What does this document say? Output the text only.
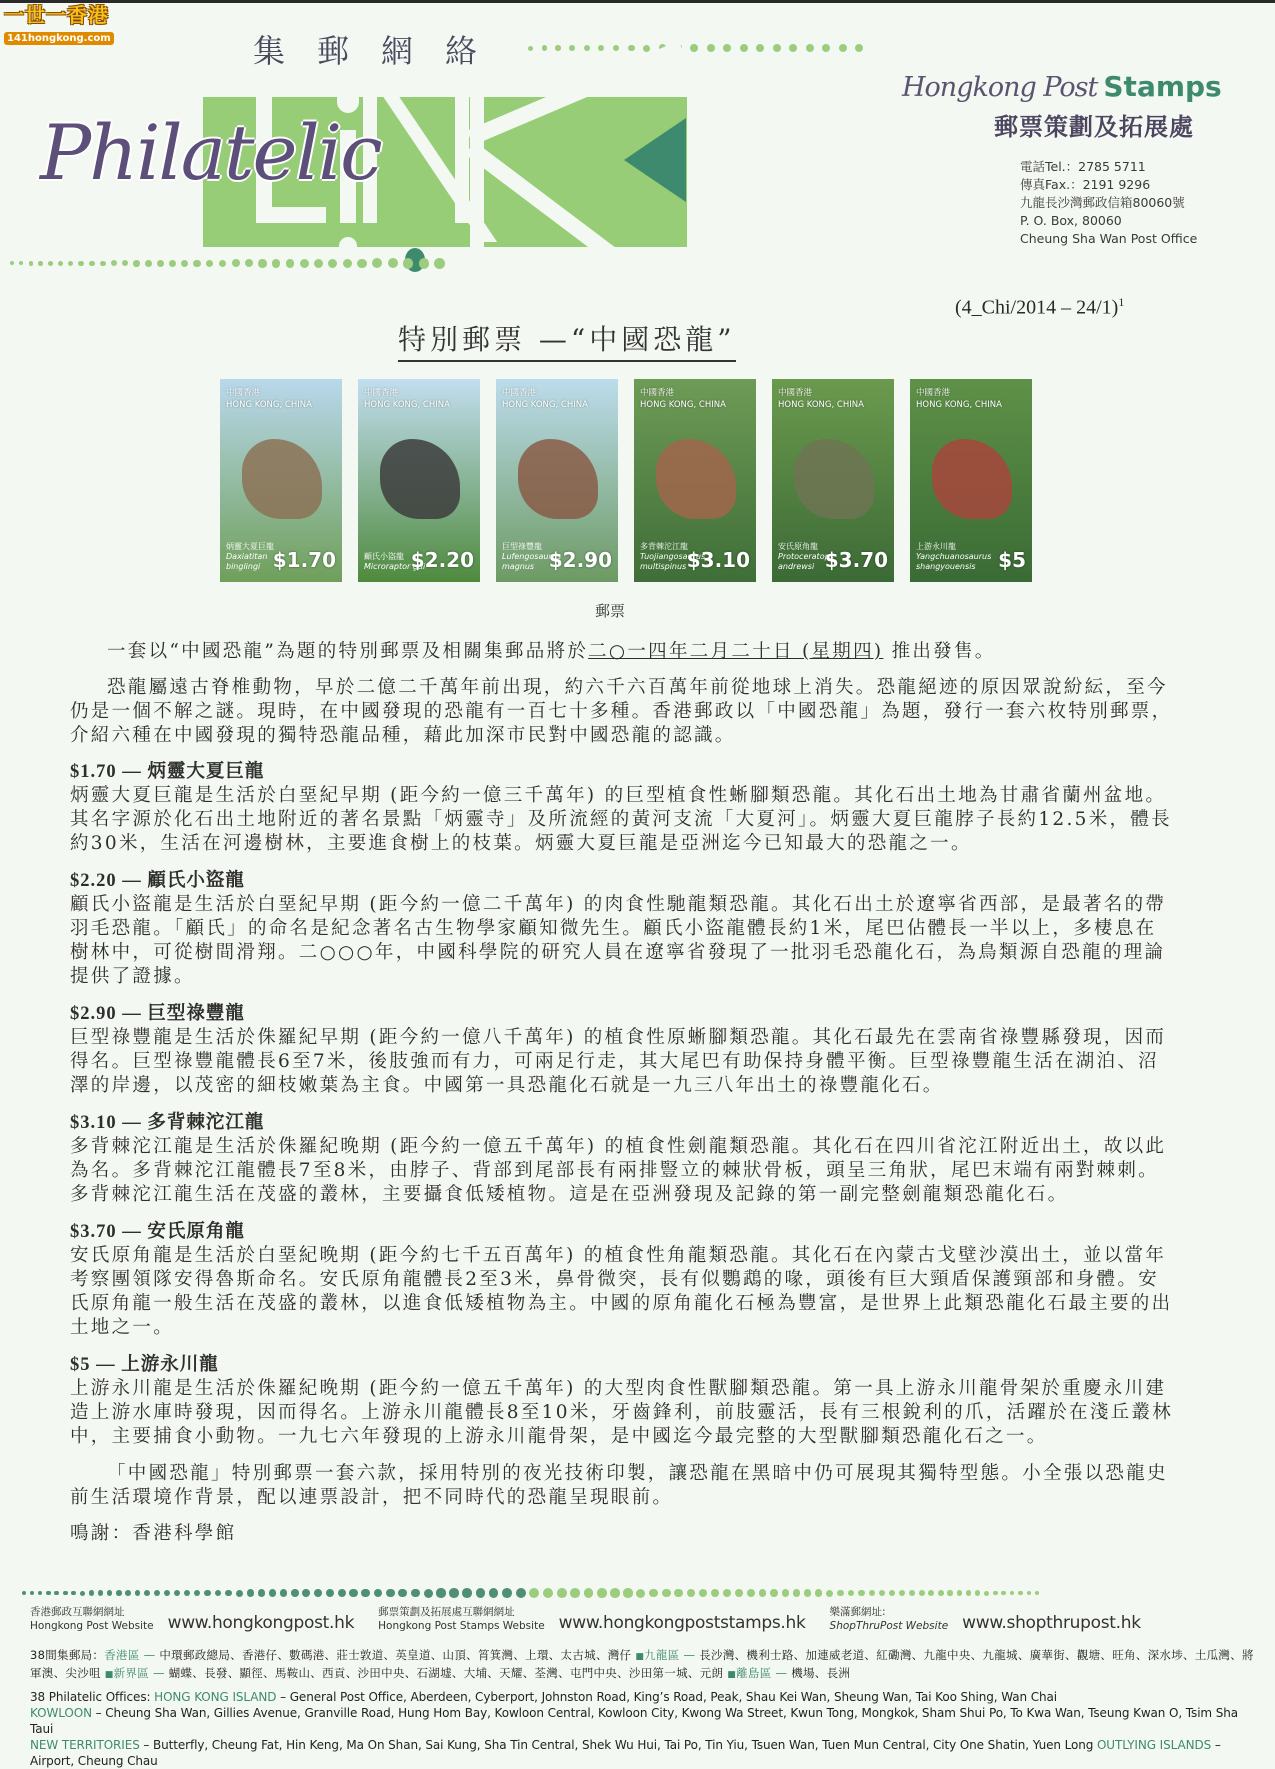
一世一香港
141hongkong.com	集郵網絡
Philatelic
Hongkong Post Stamps
郵票策劃及拓展處
電話Tel.：2785 5711
傳真Fax.：2191 9296
九龍長沙灣郵政信箱80060號
P. O. Box, 80060
Cheung Sha Wan Post Office
(4_Chi/2014 – 24/1)$^1$
特別郵票 —“中國恐龍”
中國香港
HONG KONG, CHINA
炳靈大夏巨龍
Daxiatitan binglingi $1.70
中國香港
HONG KONG, CHINA
顧氏小盜龍
Microraptor gui
$2.20
中國香港
HONG KONG, CHINA
巨型祿豐龍
Lufengosaurus magnus $2.90
中國香港
HONG KONG, CHINA
多背棘沱江龍
Tuojiangosaurus multispinus $3.10
中國香港
HONG KONG, CHINA
安氏原角龍
Protoceratops andrewsi $3.70
中國香港
HONG KONG, CHINA
上游永川龍
Yangchuanosaurus shangyouensis	$5
郵票

一套以“中國恐龍”為題的特別郵票及相關集郵品將於二○一四年二月二十日 (星期四) 推出發售。

恐龍屬遠古脊椎動物，早於二億二千萬年前出現，約六千六百萬年前從地球上消失。恐龍絕迹的原因眾說紛紜，至今仍是一個不解之謎。現時，在中國發現的恐龍有一百七十多種。香港郵政以「中國恐龍」為題，發行一套六枚特別郵票，介紹六種在中國發現的獨特恐龍品種，藉此加深市民對中國恐龍的認識。

$1.70 — 炳靈大夏巨龍
炳靈大夏巨龍是生活於白堊紀早期 (距今約一億三千萬年) 的巨型植食性蜥腳類恐龍。其化石出土地為甘肅省蘭州盆地。其名字源於化石出土地附近的著名景點「炳靈寺」及所流經的黃河支流「大夏河」。炳靈大夏巨龍脖子長約12.5米，體長約30米，生活在河邊樹林，主要進食樹上的枝葉。炳靈大夏巨龍是亞洲迄今已知最大的恐龍之一。
$2.20 — 顧氏小盜龍
顧氏小盜龍是生活於白堊紀早期 (距今約一億二千萬年) 的肉食性馳龍類恐龍。其化石出土於遼寧省西部，是最著名的帶羽毛恐龍。「顧氏」的命名是紀念著名古生物學家顧知微先生。顧氏小盜龍體長約1米，尾巴佔體長一半以上，多棲息在樹林中，可從樹間滑翔。二○○○年，中國科學院的研究人員在遼寧省發現了一批羽毛恐龍化石，為鳥類源自恐龍的理論提供了證據。
$2.90 — 巨型祿豐龍
巨型祿豐龍是生活於侏羅紀早期 (距今約一億八千萬年) 的植食性原蜥腳類恐龍。其化石最先在雲南省祿豐縣發現，因而得名。巨型祿豐龍體長6至7米，後肢強而有力，可兩足行走，其大尾巴有助保持身體平衡。巨型祿豐龍生活在湖泊、沼澤的岸邊，以茂密的細枝嫩葉為主食。中國第一具恐龍化石就是一九三八年出土的祿豐龍化石。
$3.10 — 多背棘沱江龍
多背棘沱江龍是生活於侏羅紀晚期 (距今約一億五千萬年) 的植食性劍龍類恐龍。其化石在四川省沱江附近出土，故以此為名。多背棘沱江龍體長7至8米，由脖子、背部到尾部長有兩排豎立的棘狀骨板，頭呈三角狀，尾巴末端有兩對棘刺。多背棘沱江龍生活在茂盛的叢林，主要攝食低矮植物。這是在亞洲發現及記錄的第一副完整劍龍類恐龍化石。
$3.70 — 安氏原角龍
安氏原角龍是生活於白堊紀晚期 (距今約七千五百萬年) 的植食性角龍類恐龍。其化石在內蒙古戈壁沙漠出土，並以當年考察團領隊安得魯斯命名。安氏原角龍體長2至3米，鼻骨微突，長有似鸚鵡的喙，頭後有巨大頸盾保護頸部和身體。安氏原角龍一般生活在茂盛的叢林，以進食低矮植物為主。中國的原角龍化石極為豐富，是世界上此類恐龍化石最主要的出土地之一。
$5 — 上游永川龍
上游永川龍是生活於侏羅紀晚期 (距今約一億五千萬年) 的大型肉食性獸腳類恐龍。第一具上游永川龍骨架於重慶永川建造上游水庫時發現，因而得名。上游永川龍體長8至10米，牙齒鋒利，前肢靈活，長有三根銳利的爪，活躍於在淺丘叢林中，主要捕食小動物。一九七六年發現的上游永川龍骨架，是中國迄今最完整的大型獸腳類恐龍化石之一。

「中國恐龍」特別郵票一套六款，採用特別的夜光技術印製，讓恐龍在黑暗中仍可展現其獨特型態。小全張以恐龍史前生活環境作背景，配以連票設計，把不同時代的恐龍呈現眼前。

鳴謝：香港科學館

香港郵政互聯網網址
Hongkong Post Website www.hongkongpost.hk
郵票策劃及拓展處互聯網網址
Hongkong Post Stamps Website www.hongkongpoststamps.hk
樂滿郵網址:
ShopThruPost Website www.shopthrupost.hk
38間集郵局：香港區 — 中環郵政總局、香港仔、數碼港、莊士敦道、英皇道、山頂、筲箕灣、上環、太古城、灣仔 ■九龍區 — 長沙灣、機利士路、加連威老道、紅磡灣、九龍中央、九龍城、廣華街、觀塘、旺角、深水埗、土瓜灣、將軍澳、尖沙咀 ■新界區 — 蝴蝶、長發、顯徑、馬鞍山、西貢、沙田中央、石湖墟、大埔、天耀、荃灣、屯門中央、沙田第一城、元朗 ■離島區 — 機場、長洲
38 Philatelic Offices: HONG KONG ISLAND – General Post Office, Aberdeen, Cyberport, Johnston Road, King’s Road, Peak, Shau Kei Wan, Sheung Wan, Tai Koo Shing, Wan Chai
KOWLOON – Cheung Sha Wan, Gillies Avenue, Granville Road, Hung Hom Bay, Kowloon Central, Kowloon City, Kwong Wa Street, Kwun Tong, Mongkok, Sham Shui Po, To Kwa Wan, Tseung Kwan O, Tsim Sha Taui
NEW TERRITORIES – Butterfly, Cheung Fat, Hin Keng, Ma On Shan, Sai Kung, Sha Tin Central, Shek Wu Hui, Tai Po, Tin Yiu, Tsuen Wan, Tuen Mun Central, City One Shatin, Yuen Long OUTLYING ISLANDS – Airport, Cheung Chau
